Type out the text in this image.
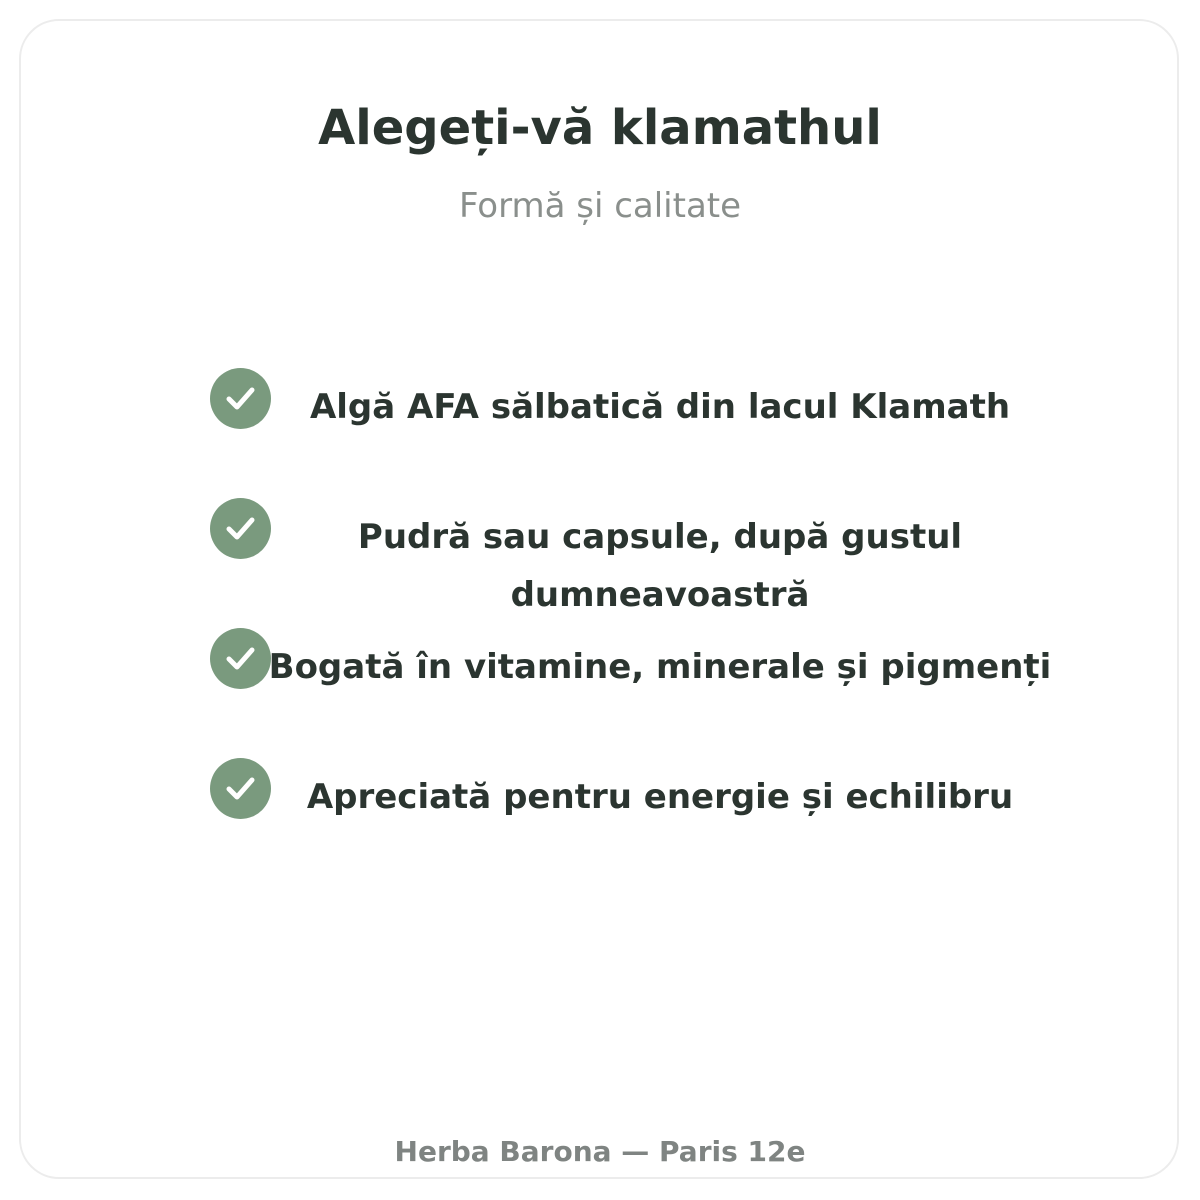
Alegeți-vă klamathul

Formă și calitate

Algă AFA sălbatică din lacul Klamath
Pudră sau capsule, după gustul dumneavoastră
Bogată în vitamine, minerale și pigmenți
Apreciată pentru energie și echilibru
Herba Barona — Paris 12e
